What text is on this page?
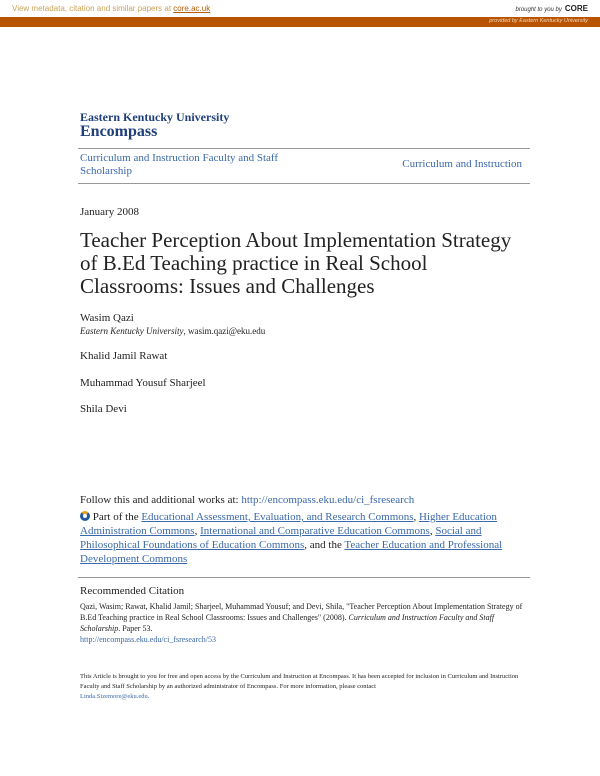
View metadata, citation and similar papers at core.ac.uk	brought to you by CORE
provided by Eastern Kentucky University
Eastern Kentucky University
Encompass
Curriculum and Instruction Faculty and Staff Scholarship
Curriculum and Instruction
January 2008
Teacher Perception About Implementation Strategy of B.Ed Teaching practice in Real School Classrooms: Issues and Challenges
Wasim Qazi
Eastern Kentucky University, wasim.qazi@eku.edu
Khalid Jamil Rawat
Muhammad Yousuf Sharjeel
Shila Devi
Follow this and additional works at: http://encompass.eku.edu/ci_fsresearch
Part of the Educational Assessment, Evaluation, and Research Commons, Higher Education Administration Commons, International and Comparative Education Commons, Social and Philosophical Foundations of Education Commons, and the Teacher Education and Professional Development Commons
Recommended Citation
Qazi, Wasim; Rawat, Khalid Jamil; Sharjeel, Muhammad Yousuf; and Devi, Shila, "Teacher Perception About Implementation Strategy of B.Ed Teaching practice in Real School Classrooms: Issues and Challenges" (2008). Curriculum and Instruction Faculty and Staff Scholarship. Paper 53.
http://encompass.eku.edu/ci_fsresearch/53
This Article is brought to you for free and open access by the Curriculum and Instruction at Encompass. It has been accepted for inclusion in Curriculum and Instruction Faculty and Staff Scholarship by an authorized administrator of Encompass. For more information, please contact
Linda.Sizemore@eku.edu.
